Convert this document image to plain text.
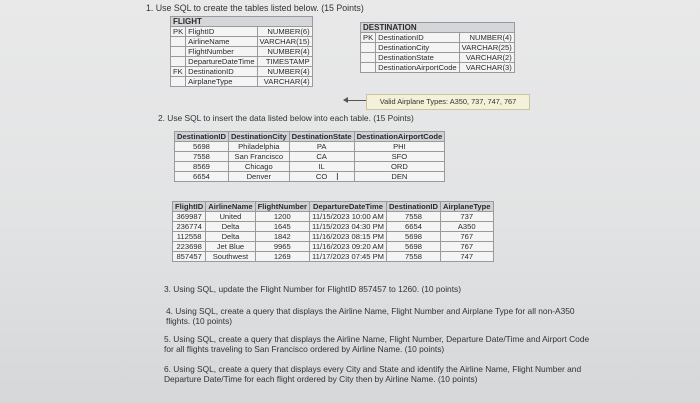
1. Use SQL to create the tables listed below. (15 Points)
FLIGHT		
PK	FlightID	NUMBER(6)
	AirlineName	VARCHAR(15)
	FlightNumber	NUMBER(4)
	DepartureDateTime	TIMESTAMP
FK	DestinationID	NUMBER(4)
	AirplaneType	VARCHAR(4)
DESTINATION		
PK	DestinationID	NUMBER(4)
	DestinationCity	VARCHAR(25)
	DestinationState	VARCHAR(2)
	DestinationAirportCode	VARCHAR(3)
Valid Airplane Types: A350, 737, 747, 767
2. Use SQL to insert the data listed below into each table. (15 Points)
DestinationID	DestinationCity	DestinationState	DestinationAirportCode
5698	Philadelphia	PA	PHI
7558	San Francisco	CA	SFO
8569	Chicago	IL	ORD
6654	Denver	CO	DEN
I
FlightID	AirlineName	FlightNumber	DepartureDateTime	DestinationID	AirplaneType
369987	United	1200	11/15/2023 10:00 AM	7558	737
236774	Delta	1645	11/15/2023 04:30 PM	6654	A350
112558	Delta	1842	11/16/2023 08:15 PM	5698	767
223698	Jet Blue	9965	11/16/2023 09:20 AM	5698	767
857457	Southwest	1269	11/17/2023 07:45 PM	7558	747
3. Using SQL, update the Flight Number for FlightID 857457 to 1260. (10 points)
4. Using SQL, create a query that displays the Airline Name, Flight Number and Airplane Type for all non-A350 flights. (10 points)
5. Using SQL, create a query that displays the Airline Name, Flight Number, Departure Date/Time and Airport Code for all flights traveling to San Francisco ordered by Airline Name. (10 points)
6. Using SQL, create a query that displays every City and State and identify the Airline Name, Flight Number and Departure Date/Time for each flight ordered by City then by Airline Name. (10 points)
